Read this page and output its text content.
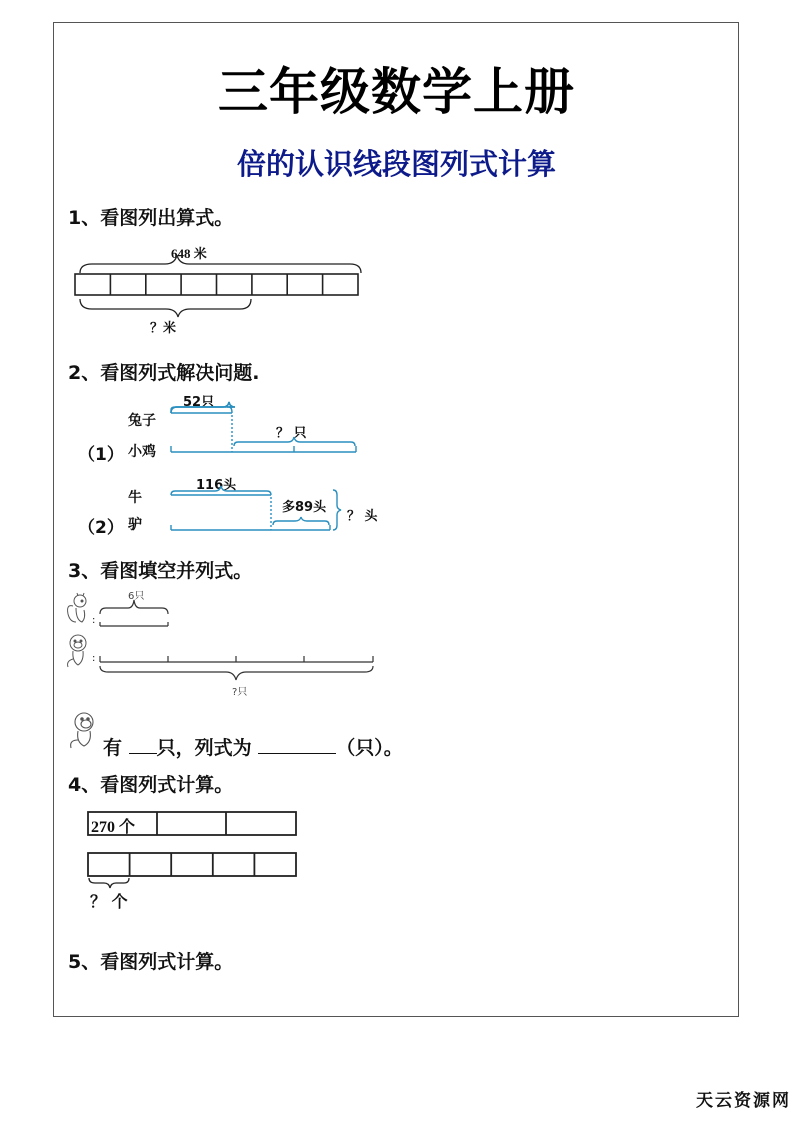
三年级数学上册
倍的认识线段图列式计算
1、看图列出算式。
648 米
？米
2、看图列式解决问题.
52只
兔子
（1） 小鸡
？ 只
116头
牛
（2） 驴
多89头
？ 头
3、看图填空并列式。
:
6只
:
?只
有 只，列式为	（只）。
4、看图列式计算。
270 个
？ 个
5、看图列式计算。
天云资源网
